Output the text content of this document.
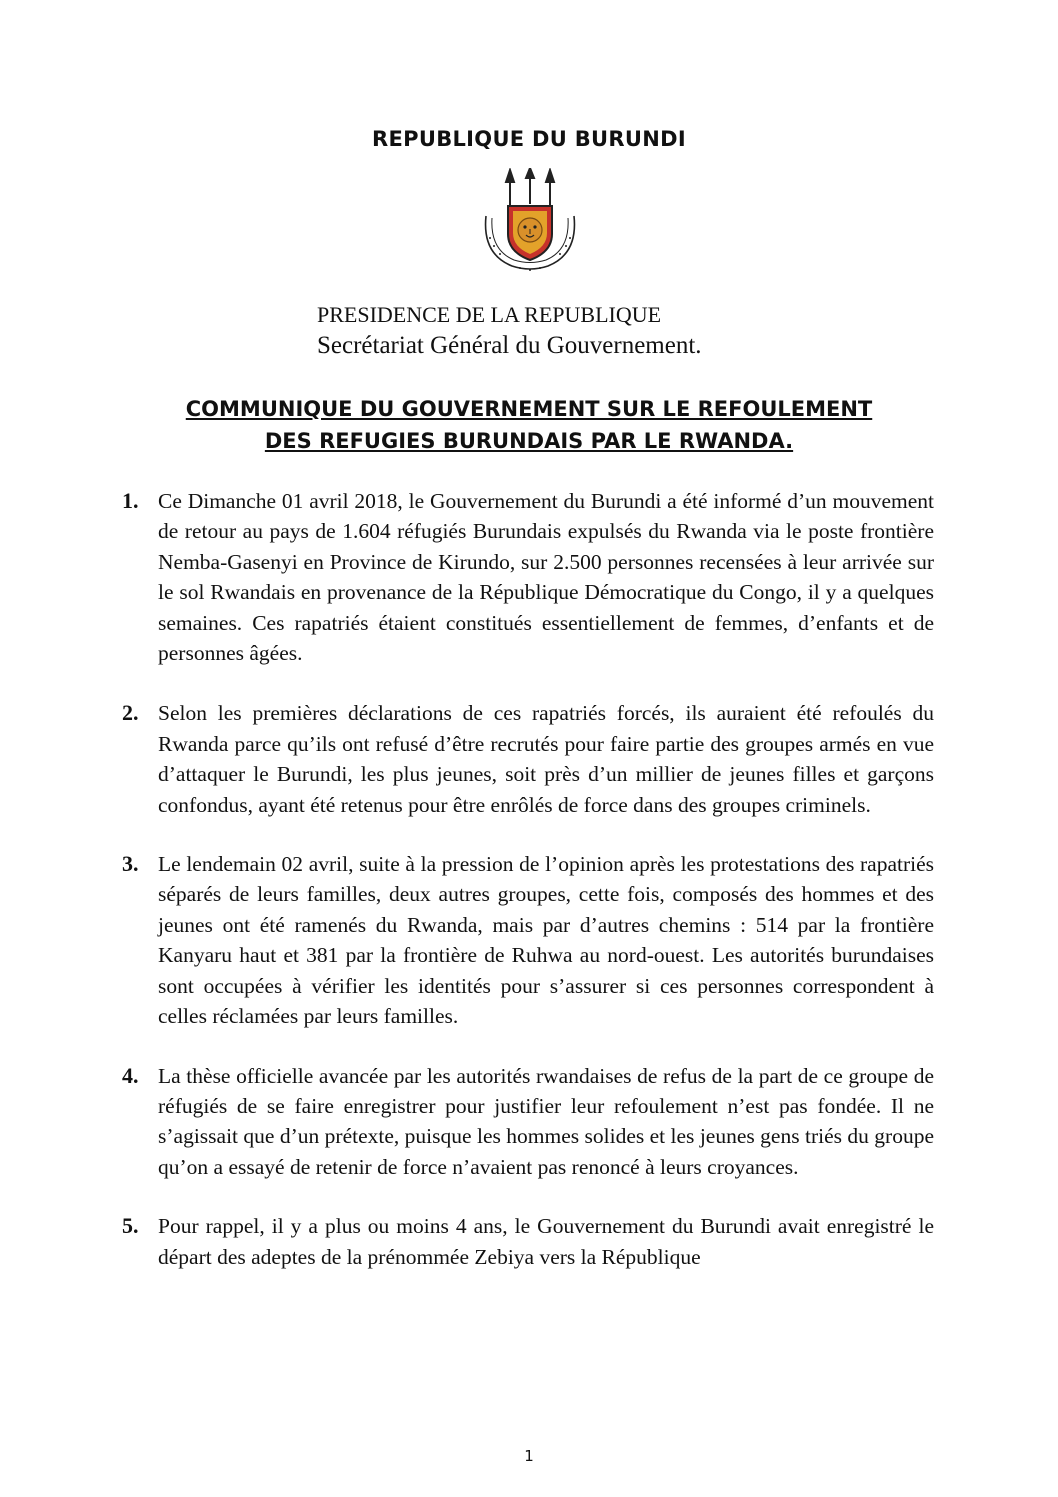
REPUBLIQUE DU BURUNDI
PRESIDENCE DE LA REPUBLIQUE
Secrétariat Général du Gouvernement.
COMMUNIQUE DU GOUVERNEMENT SUR LE REFOULEMENT
DES REFUGIES BURUNDAIS PAR LE RWANDA.
1. Ce Dimanche 01 avril 2018, le Gouvernement du Burundi a été informé d’un mouvement de retour au pays de 1.604 réfugiés Burundais expulsés du Rwanda via le poste frontière Nemba-Gasenyi en Province de Kirundo, sur 2.500 personnes recensées à leur arrivée sur le sol Rwandais en provenance de la République Démocratique du Congo, il y a quelques semaines. Ces rapatriés étaient constitués essentiellement de femmes, d’enfants et de personnes âgées.

2. Selon les premières déclarations de ces rapatriés forcés, ils auraient été refoulés du Rwanda parce qu’ils ont refusé d’être recrutés pour faire partie des groupes armés en vue d’attaquer le Burundi, les plus jeunes, soit près d’un millier de jeunes filles et garçons confondus, ayant été retenus pour être enrôlés de force dans des groupes criminels.

3. Le lendemain 02 avril, suite à la pression de l’opinion après les protestations des rapatriés séparés de leurs familles, deux autres groupes, cette fois, composés des hommes et des jeunes ont été ramenés du Rwanda, mais par d’autres chemins : 514 par la frontière Kanyaru haut et 381 par la frontière de Ruhwa au nord-ouest. Les autorités burundaises sont occupées à vérifier les identités pour s’assurer si ces personnes correspondent à celles réclamées par leurs familles.

4. La thèse officielle avancée par les autorités rwandaises de refus de la part de ce groupe de réfugiés de se faire enregistrer pour justifier leur refoulement n’est pas fondée. Il ne s’agissait que d’un prétexte, puisque les hommes solides et les jeunes gens triés du groupe qu’on a essayé de retenir de force n’avaient pas renoncé à leurs croyances.

5. Pour rappel, il y a plus ou moins 4 ans, le Gouvernement du Burundi avait enregistré le départ des adeptes de la prénommée Zebiya vers la République

1
